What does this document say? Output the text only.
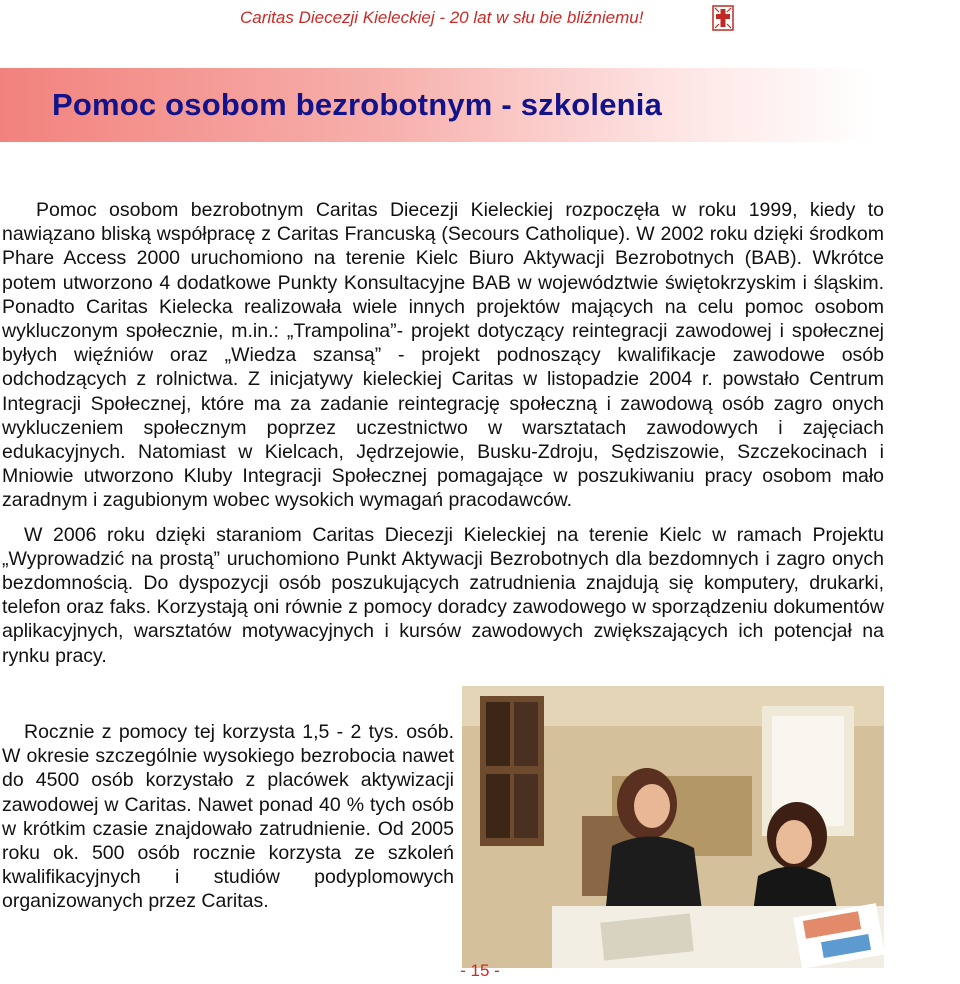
Caritas Diecezji Kieleckiej - 20 lat w słu bie bliźniemu!
Pomoc osobom bezrobotnym - szkolenia

Pomoc osobom bezrobotnym Caritas Diecezji Kieleckiej rozpoczęła w roku 1999, kiedy to nawiązano bliską współpracę z Caritas Francuską (Secours Catholique). W 2002 roku dzięki środkom Phare Access 2000 uruchomiono na terenie Kielc Biuro Aktywacji Bezrobotnych (BAB). Wkrótce potem utworzono 4 dodatkowe Punkty Konsultacyjne BAB w województwie świętokrzyskim i śląskim. Ponadto Caritas Kielecka realizowała wiele innych projektów mających na celu pomoc osobom wykluczonym społecznie, m.in.: „Trampolina”- projekt dotyczący reintegracji zawodowej i społecznej byłych więźniów oraz „Wiedza szansą” - projekt podnoszący kwalifikacje zawodowe osób odchodzących z rolnictwa. Z inicjatywy kieleckiej Caritas w listopadzie 2004 r. powstało Centrum Integracji Społecznej, które ma za zadanie reintegrację społeczną i zawodową osób zagro onych wykluczeniem społecznym poprzez uczestnictwo w warsztatach zawodowych i zajęciach edukacyjnych. Natomiast w Kielcach, Jędrzejowie, Busku-Zdroju, Sędziszowie, Szczekocinach i Mniowie utworzono Kluby Integracji Społecznej pomagające w poszukiwaniu pracy osobom mało zaradnym i zagubionym wobec wysokich wymagań pracodawców.

W 2006 roku dzięki staraniom Caritas Diecezji Kieleckiej na terenie Kielc w ramach Projektu „Wyprowadzić na prostą” uruchomiono Punkt Aktywacji Bezrobotnych dla bezdomnych i zagro onych bezdomnością. Do dyspozycji osób poszukujących zatrudnienia znajdują się komputery, drukarki, telefon oraz faks. Korzystają oni równie z pomocy doradcy zawodowego w sporządzeniu dokumentów aplikacyjnych, warsztatów motywacyjnych i kursów zawodowych zwiększających ich potencjał na rynku pracy.

Rocznie z pomocy tej korzysta 1,5 - 2 tys. osób. W okresie szczególnie wysokiego bezrobocia nawet do 4500 osób korzystało z placówek aktywizacji zawodowej w Caritas. Nawet ponad 40 % tych osób w krótkim czasie znajdowało zatrudnienie. Od 2005 roku ok. 500 osób rocznie korzysta ze szkoleń kwalifikacyjnych i studiów podyplomowych organizowanych przez Caritas.

- 15 -
